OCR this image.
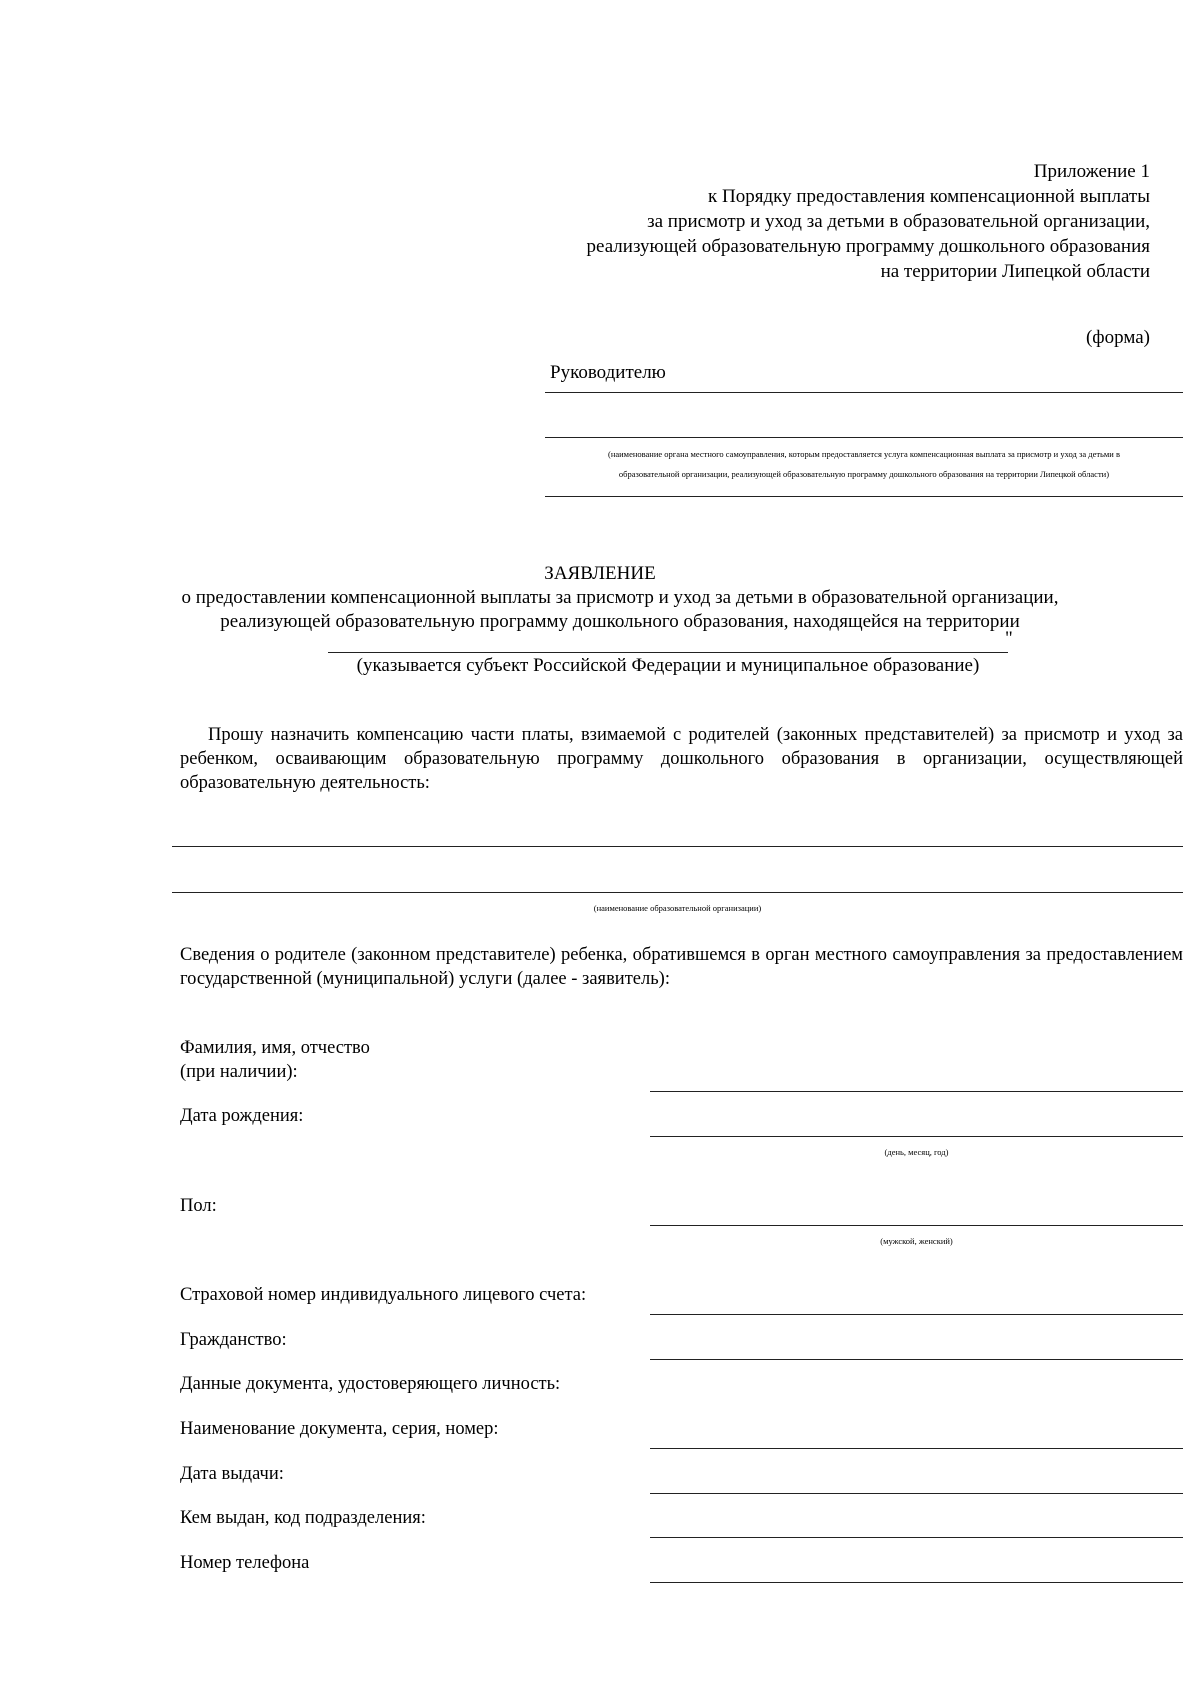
Приложение 1
к Порядку предоставления компенсационной выплаты
за присмотр и уход за детьми в образовательной организации,
реализующей образовательную программу дошкольного образования
на территории Липецкой области
(форма)
Руководителю
(наименование органа местного самоуправления, которым предоставляется услуга компенсационная выплата за присмотр и уход за детьми в
образовательной организации, реализующей образовательную программу дошкольного образования на территории Липецкой области)
ЗАЯВЛЕНИЕ
о предоставлении компенсационной выплаты за присмотр и уход за детьми в образовательной организации,
реализующей образовательную программу дошкольного образования, находящейся на территории
"
(указывается субъект Российской Федерации и муниципальное образование)
Прошу назначить компенсацию части платы, взимаемой с родителей (законных представителей) за присмотр и уход за ребенком, осваивающим образовательную программу дошкольного образования в организации, осуществляющей образовательную деятельность:
(наименование образовательной организации)
Сведения о родителе (законном представителе) ребенка, обратившемся в орган местного самоуправления за предоставлением государственной (муниципальной) услуги (далее - заявитель):
Фамилия, имя, отчество
(при наличии):
Дата рождения:
(день, месяц, год)
Пол:
(мужской, женский)
Страховой номер индивидуального лицевого счета:
Гражданство:
Данные документа, удостоверяющего личность:
Наименование документа, серия, номер:
Дата выдачи:
Кем выдан, код подразделения:
Номер телефона
